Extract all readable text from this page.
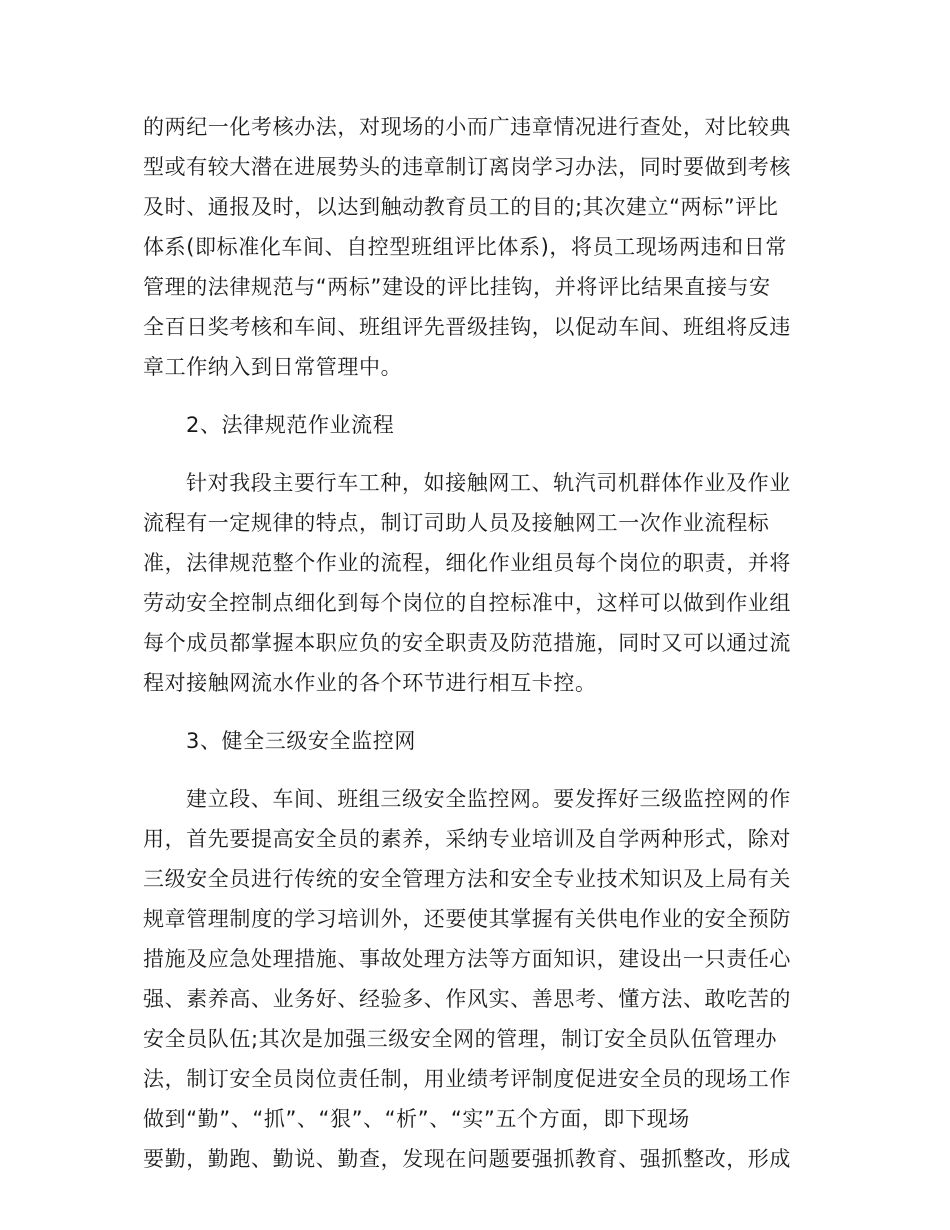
的两纪一化考核办法，对现场的小而广违章情况进行查处，对比较典
型或有较大潜在进展势头的违章制订离岗学习办法，同时要做到考核
及时、通报及时，以达到触动教育员工的目的;其次建立“两标”评比
体系(即标准化车间、自控型班组评比体系)，将员工现场两违和日常
管理的法律规范与“两标”建设的评比挂钩，并将评比结果直接与安
全百日奖考核和车间、班组评先晋级挂钩，以促动车间、班组将反违
章工作纳入到日常管理中。
2、法律规范作业流程
针对我段主要行车工种，如接触网工、轨汽司机群体作业及作业
流程有一定规律的特点，制订司助人员及接触网工一次作业流程标
准，法律规范整个作业的流程，细化作业组员每个岗位的职责，并将
劳动安全控制点细化到每个岗位的自控标准中，这样可以做到作业组
每个成员都掌握本职应负的安全职责及防范措施，同时又可以通过流
程对接触网流水作业的各个环节进行相互卡控。
3、健全三级安全监控网
建立段、车间、班组三级安全监控网。要发挥好三级监控网的作
用，首先要提高安全员的素养，采纳专业培训及自学两种形式，除对
三级安全员进行传统的安全管理方法和安全专业技术知识及上局有关
规章管理制度的学习培训外，还要使其掌握有关供电作业的安全预防
措施及应急处理措施、事故处理方法等方面知识，建设出一只责任心
强、素养高、业务好、经验多、作风实、善思考、懂方法、敢吃苦的
安全员队伍;其次是加强三级安全网的管理，制订安全员队伍管理办
法，制订安全员岗位责任制，用业绩考评制度促进安全员的现场工作
做到“勤”、“抓”、“狠”、“析”、“实”五个方面，即下现场
要勤，勤跑、勤说、勤查，发现在问题要强抓教育、强抓整改，形成
